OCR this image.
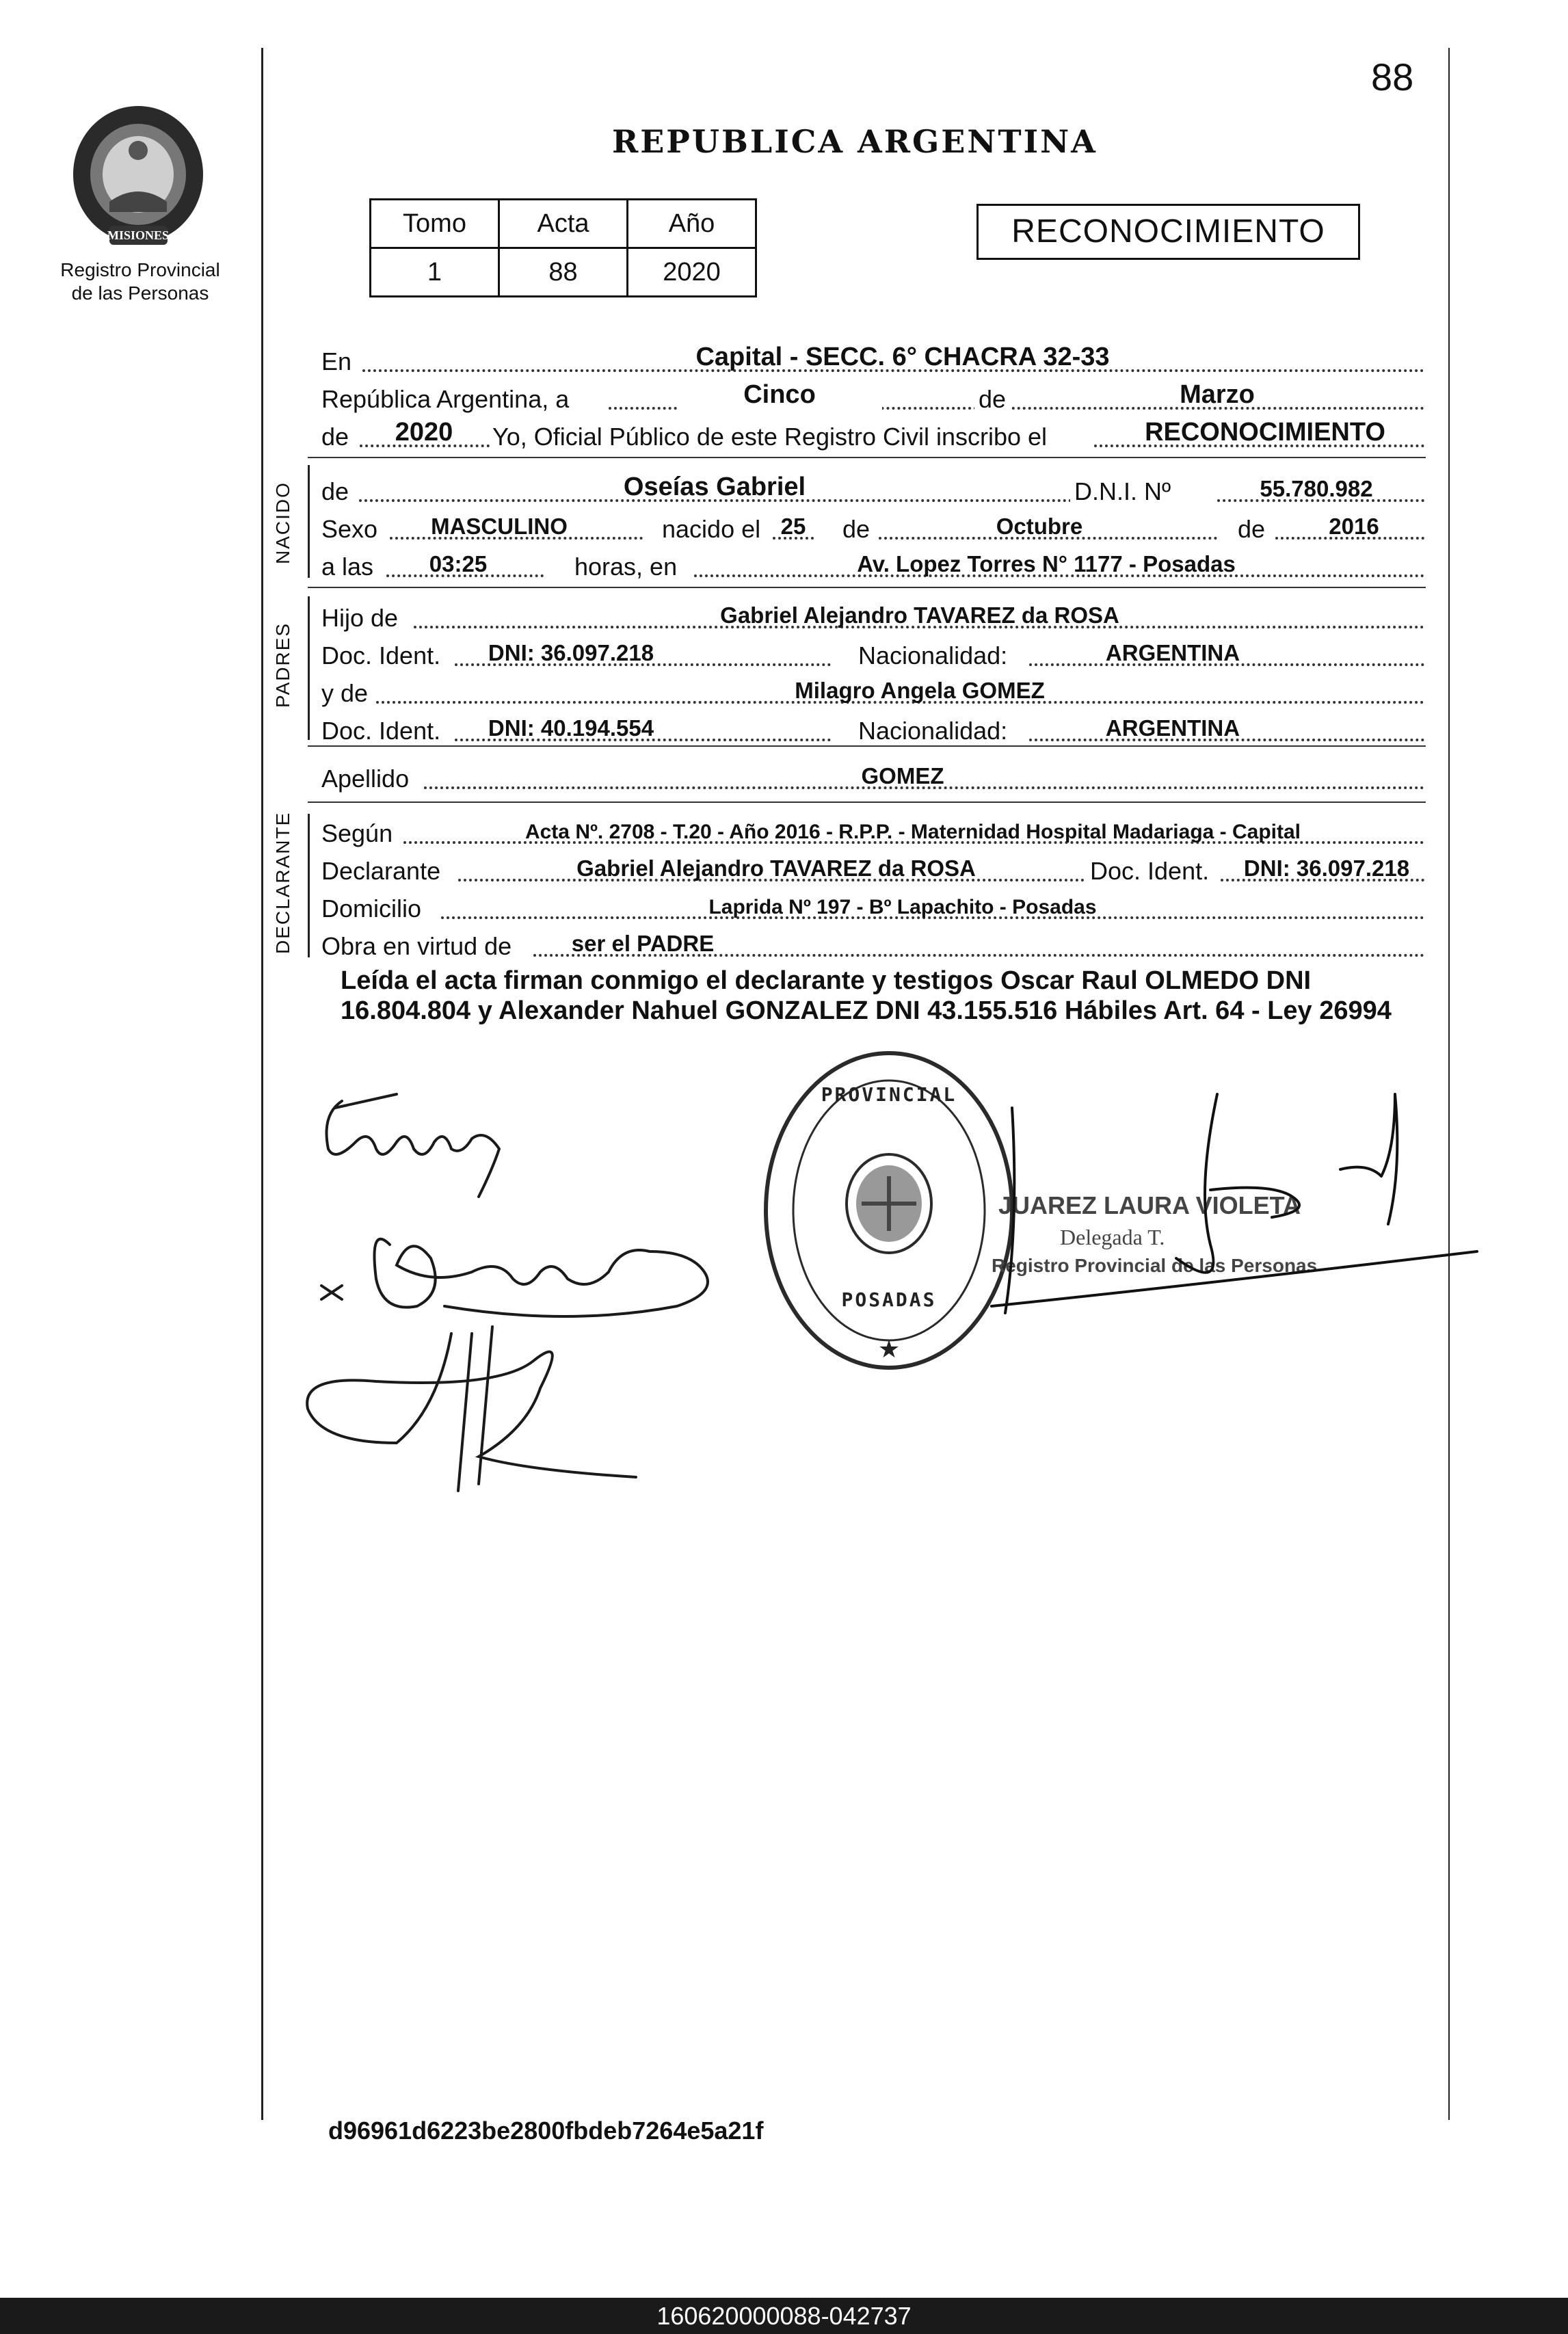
88
MISIONES
Registro Provincial
de las Personas
REPUBLICA ARGENTINA
Tomo	Acta	Año
1	88	2020
RECONOCIMIENTO
En	Capital - SECC. 6° CHACRA 32-33
República Argentina, a	Cinco	de	Marzo
de	2020	Yo, Oficial Público de este Registro Civil inscribo el	RECONOCIMIENTO
NACIDO de	Oseías Gabriel	D.N.I. Nº	55.780.982
Sexo	MASCULINO	nacido el 25	de	Octubre	de	2016
a las	03:25	horas, en	Av. Lopez Torres N° 1177 - Posadas
PADRES
Hijo de	Gabriel Alejandro TAVAREZ da ROSA
Doc. Ident.	DNI: 36.097.218	Nacionalidad:	ARGENTINA
y de	Milagro Angela GOMEZ
Doc. Ident.	DNI: 40.194.554	Nacionalidad:	ARGENTINA
Apellido	GOMEZ
DECLARANTE Según	Acta Nº. 2708 - T.20 - Año 2016 - R.P.P. - Maternidad Hospital Madariaga - Capital
Declarante	Gabriel Alejandro TAVAREZ da ROSA	Doc. Ident.	DNI: 36.097.218
Domicilio	Laprida Nº 197 - Bº Lapachito - Posadas
Obra en virtud de	ser el PADRE
Leída el acta firman conmigo el declarante y testigos Oscar Raul OLMEDO DNI 16.804.804 y Alexander Nahuel GONZALEZ DNI 43.155.516 Hábiles Art. 64 - Ley 26994
PROVINCIAL
POSADAS
★
JUAREZ LAURA VIOLETA
Delegada T.
Registro Provincial de las Personas
d96961d6223be2800fbdeb7264e5a21f
160620000088-042737
